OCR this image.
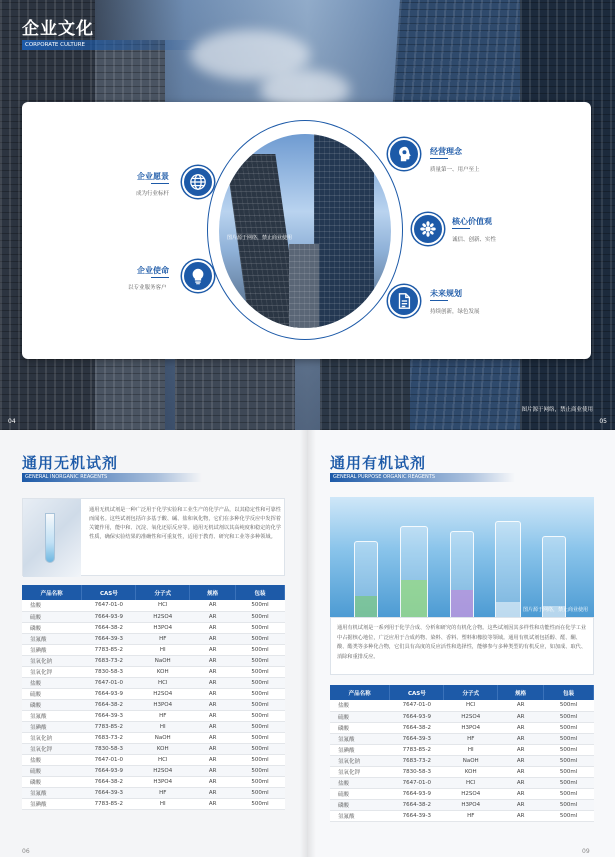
企业文化
CORPORATE CULTURE
图片源于网络，禁止商业使用
企业愿景
成为行业标杆
企业使命
以专业服务客户
经营理念
质量第一、用户至上
核心价值观
诚信、创新、实性
未来规划
持续创新，绿色发展
04
图片源于网络，禁止商业使用
05
通用无机试剂
GENERAL INORGANIC REAGENTS
通用无机试剂是一种广泛用于化学实验和工业生产的化学产品，以其稳定性和可靠性而闻名。这些试剂包括许多基于酸、碱、盐和氧化物，它们在多种化学反应中发挥着关键作用，能中和、沉淀、氧化还原反应等。通用无机试剂以其高纯度和稳定的化学性质，确保实验结果的准确性和可重复性，适用于教育、研究和工业等多种领域。
产品名称	CAS号	分子式	规格	包装
盐酸	7647-01-0	HCl	AR	500ml
硫酸	7664-93-9	H2SO4	AR	500ml
磷酸	7664-38-2	H3PO4	AR	500ml
氢氟酸	7664-39-3	HF	AR	500ml
氢碘酸	7783-85-2	HI	AR	500ml
氢氧化钠	7683-73-2	NaOH	AR	500ml
氢氧化钾	7830-58-3	KOH	AR	500ml
盐酸	7647-01-0	HCl	AR	500ml
硫酸	7664-93-9	H2SO4	AR	500ml
磷酸	7664-38-2	H3PO4	AR	500ml
氢氟酸	7664-39-3	HF	AR	500ml
氢碘酸	7783-85-2	HI	AR	500ml
氢氧化钠	7683-73-2	NaOH	AR	500ml
氢氧化钾	7830-58-3	KOH	AR	500ml
盐酸	7647-01-0	HCl	AR	500ml
硫酸	7664-93-9	H2SO4	AR	500ml
磷酸	7664-38-2	H3PO4	AR	500ml
氢氟酸	7664-39-3	HF	AR	500ml
氢碘酸	7783-85-2	HI	AR	500ml
06
通用有机试剂
GENERAL PURPOSE ORGANIC REAGENTS
图片源于网络，禁止商业使用
通用有机试剂是一系列用于化学合成、分析和研究的有机化合物。这些试剂因其多样性和功能性而在化学工业中占据核心地位，广泛应用于合成药物、染料、香料、塑料和橡胶等领域。通用有机试剂包括醇、醛、酮、酸、酯类等多种化合物，它们具有高度的反应活性和选择性，能够参与多种类型的有机反应，如加成、取代、消除和重排反应。
产品名称	CAS号	分子式	规格	包装
盐酸	7647-01-0	HCl	AR	500ml
硫酸	7664-93-9	H2SO4	AR	500ml
磷酸	7664-38-2	H3PO4	AR	500ml
氢氟酸	7664-39-3	HF	AR	500ml
氢碘酸	7783-85-2	HI	AR	500ml
氢氧化钠	7683-73-2	NaOH	AR	500ml
氢氧化钾	7830-58-3	KOH	AR	500ml
盐酸	7647-01-0	HCl	AR	500ml
硫酸	7664-93-9	H2SO4	AR	500ml
磷酸	7664-38-2	H3PO4	AR	500ml
氢氟酸	7664-39-3	HF	AR	500ml
09
